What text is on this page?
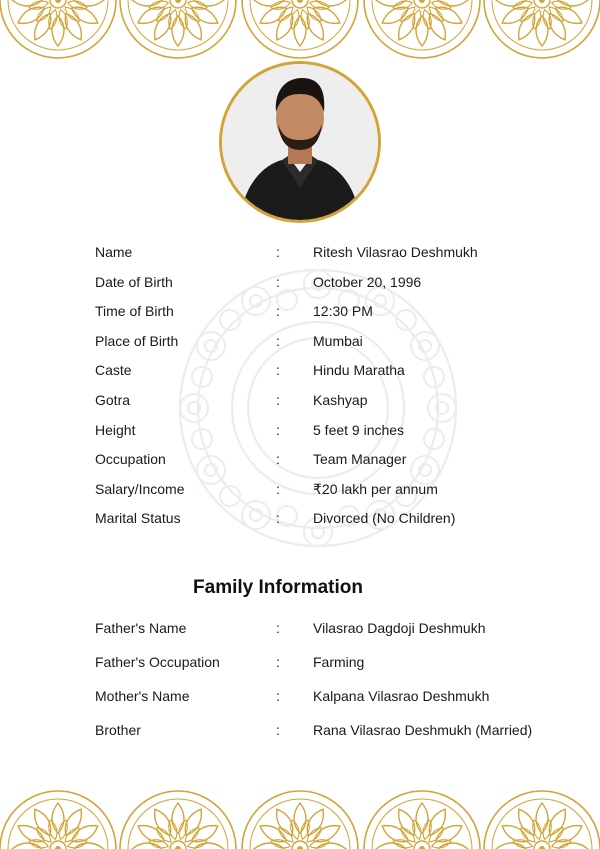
Name	: Ritesh Vilasrao Deshmukh
Date of Birth	: October 20, 1996
Time of Birth	: 12:30 PM
Place of Birth	: Mumbai
Caste	: Hindu Maratha
Gotra	: Kashyap
Height	: 5 feet 9 inches
Occupation	: Team Manager
Salary/Income	: ₹20 lakh per annum
Marital Status	: Divorced (No Children)
Family Information
Father's Name	: Vilasrao Dagdoji Deshmukh
Father's Occupation	: Farming
Mother's Name	: Kalpana Vilasrao Deshmukh
Brother	: Rana Vilasrao Deshmukh (Married)
